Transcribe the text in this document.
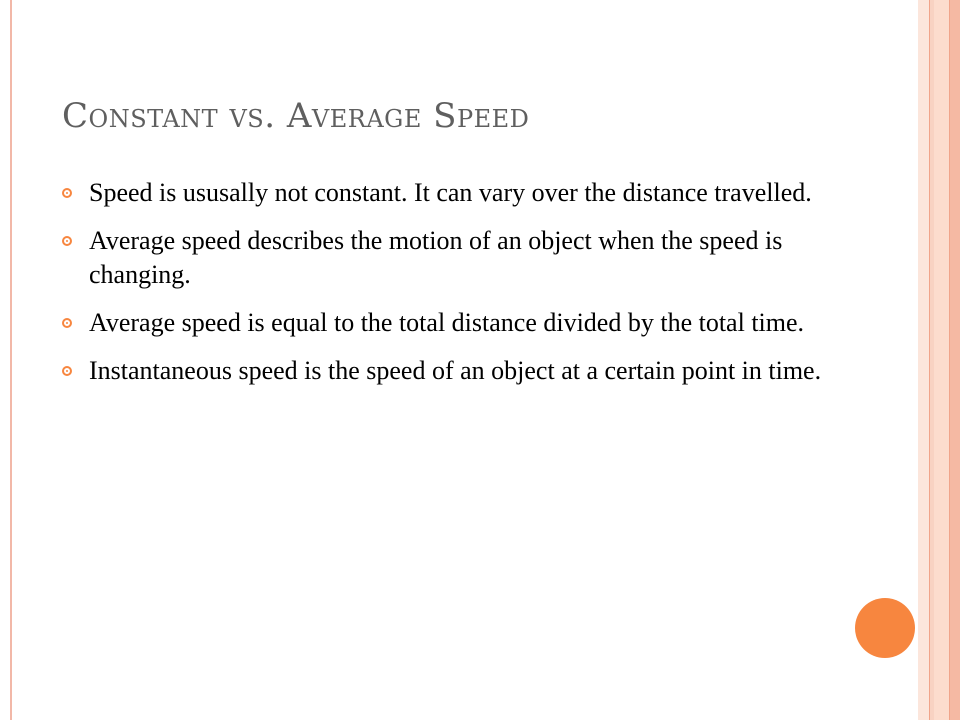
Constant vs. Average Speed
Speed is ususally not constant. It can vary over the distance travelled.
Average speed describes the motion of an object when the speed is changing.
Average speed is equal to the total distance divided by the total time.
Instantaneous speed is the speed of an object at a certain point in time.
